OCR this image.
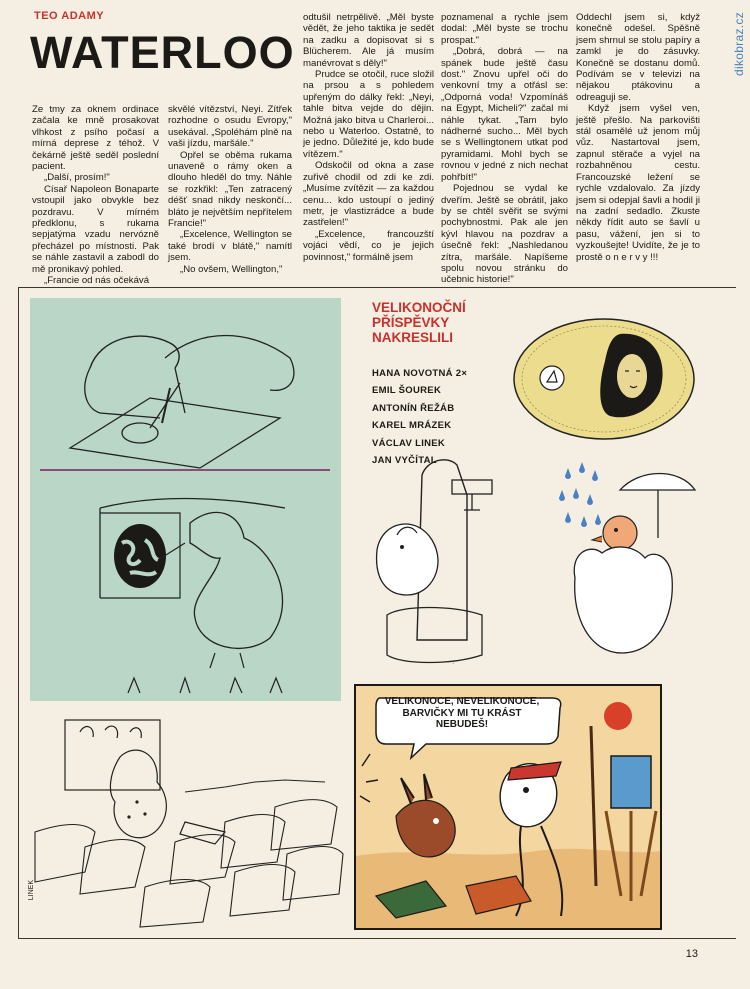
TEO ADAMY
WATERLOO

Ze tmy za oknem ordinace začala ke mně prosakovat vlhkost z psího počasí a mírná deprese z téhož. V čekárně ještě seděl poslední pacient.

„Další, prosím!"

Císař Napoleon Bonaparte vstoupil jako obvykle bez pozdravu. V mírném předklonu, s rukama sepjatýma vzadu nervózně přecházel po místnosti. Pak se náhle zastavil a zabodl do mě pronikavý pohled.

„Francie od nás očekává

skvělé vítězství, Neyi. Zítřek rozhodne o osudu Evropy," usekával. „Spoléhám plně na vaši jízdu, maršále."

Opřel se oběma rukama unaveně o rámy oken a dlouho hleděl do tmy. Náhle se rozkřikl: „Ten zatracený déšť snad nikdy neskončí... bláto je největším nepřítelem Francie!"

„Excelence, Wellington se také brodí v blátě," namítl jsem.

„No ovšem, Wellington,"

odtušil netrpělivě. „Měl byste vědět, že jeho taktika je sedět na zadku a dopisovat si s Blücherem. Ale já musím manévrovat s děly!"

Prudce se otočil, ruce složil na prsou a s pohledem upřeným do dálky řekl: „Neyi, tahle bitva vejde do dějin. Možná jako bitva u Charleroi... nebo u Waterloo. Ostatně, to je jedno. Důležité je, kdo bude vítězem."

Odskočil od okna a zase zuřivě chodil od zdi ke zdi. „Musíme zvítězit — za každou cenu... kdo ustoupí o jediný metr, je vlastizrádce a bude zastřelen!"

„Excelence, francouzští vojáci vědí, co je jejich povinnost," formálně jsem

poznamenal a rychle jsem dodal: „Měl byste se trochu prospat."

„Dobrá, dobrá — na spánek bude ještě času dost." Znovu upřel oči do venkovní tmy a otřásl se: „Odporná voda! Vzpomínáš na Egypt, Micheli?" začal mi náhle tykat. „Tam bylo nádherné sucho... Měl bych se s Wellingtonem utkat pod pyramidami. Mohl bych se rovnou v jedné z nich nechat pohřbít!"

Pojednou se vydal ke dveřím. Ještě se obrátil, jako by se chtěl svěřit se svými pochybnostmi. Pak ale jen kývl hlavou na pozdrav a úsečně řekl: „Nashledanou zítra, maršále. Napíšeme spolu novou stránku do učebnic historie!"

Oddechl jsem si, když konečně odešel. Spěšně jsem shrnul se stolu papíry a zamkl je do zásuvky. Konečně se dostanu domů. Podívám se v televizi na nějakou ptákovinu a odreaguji se.

Když jsem vyšel ven, ještě přešlo. Na parkovišti stál osamělé už jenom můj vůz. Nastartoval jsem, zapnul stěrače a vyjel na rozbahněnou cestu. Francouzské ležení se rychle vzdalovalo. Za jízdy jsem si odepjal šavli a hodil ji na zadní sedadlo. Zkuste někdy řídit auto se šavlí u pasu, vážení, jen si to vyzkoušejte! Uvidíte, že je to prostě o n e r v y !!!

dikobraz.cz
LINEK
VELIKONOČNÍ
PŘÍSPĚVKY
NAKRESLILI
HANA NOVOTNÁ 2×
EMIL ŠOUREK
ANTONÍN ŘEŽÁB
KAREL MRÁZEK
VÁCLAV LINEK
JAN VYČÍTAL
·
VELIKONOCE, NEVELIKONOCE,
BARVIČKY MI TU KRÁST
NEBUDEŠ!
13
